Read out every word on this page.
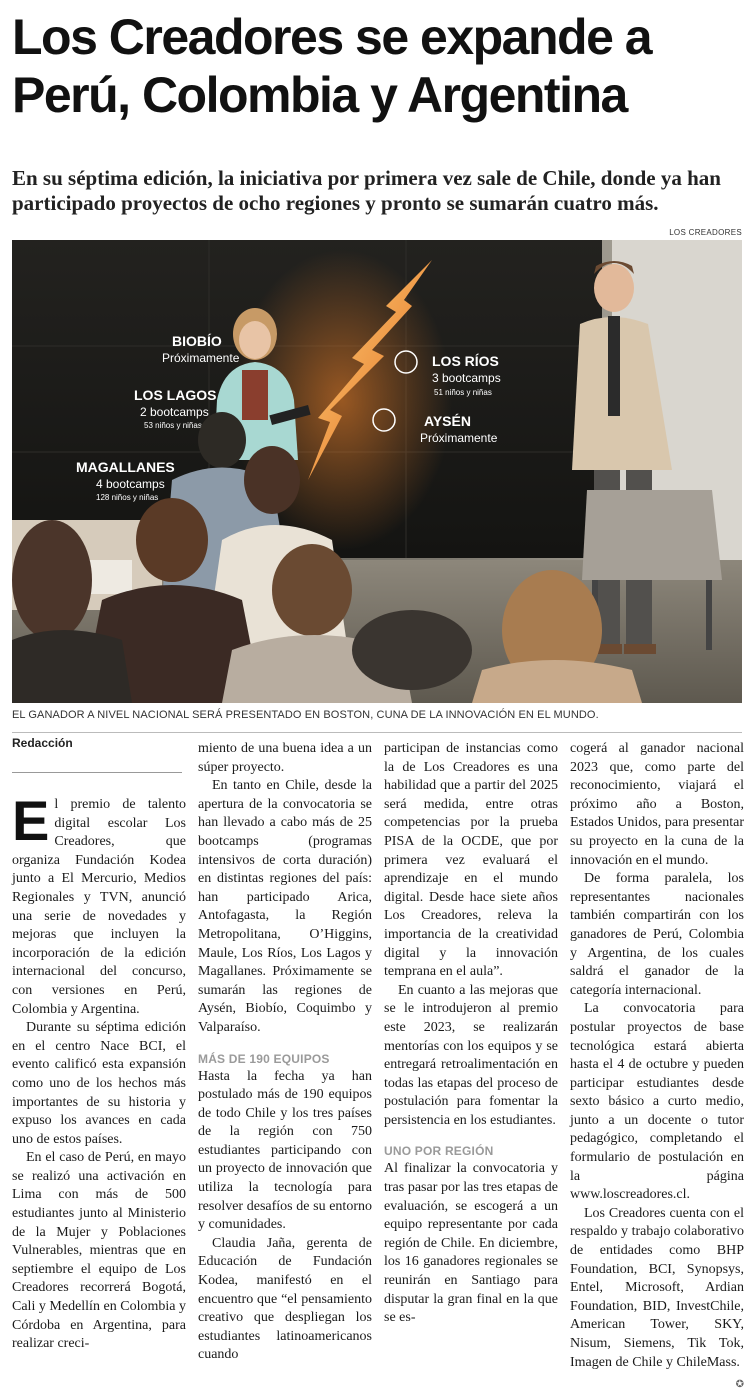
Los Creadores se expande a
Perú, Colombia y Argentina

En su séptima edición, la iniciativa por primera vez sale de Chile, donde ya han participado proyectos de ocho regiones y pronto se sumarán cuatro más.

LOS CREADORES
BIOBÍO
Próximamente	LOS RÍOS
3 bootcamps
51 niños y niñas
LOS LAGOS
2 bootcamps
53 niños y niñas	AYSÉN
Próximamente
MAGALLANES
4 bootcamps
128 niños y niñas
EL GANADOR A NIVEL NACIONAL SERÁ PRESENTADO EN BOSTON, CUNA DE LA INNOVACIÓN EN EL MUNDO.
Redacción

El premio de talento digital escolar Los Creadores, que organiza Fundación Kodea junto a El Mercurio, Medios Regionales y TVN, anunció una serie de novedades y mejoras que incluyen la incorporación de la edición internacional del concurso, con versiones en Perú, Colombia y Argentina.

Durante su séptima edición en el centro Nace BCI, el evento calificó esta expansión como uno de los hechos más importantes de su historia y expuso los avances en cada uno de estos países.

En el caso de Perú, en mayo se realizó una activación en Lima con más de 500 estudiantes junto al Ministerio de la Mujer y Poblaciones Vulnerables, mientras que en septiembre el equipo de Los Creadores recorrerá Bogotá, Cali y Medellín en Colombia y Córdoba en Argentina, para realizar creci-

miento de una buena idea a un súper proyecto.

En tanto en Chile, desde la apertura de la convocatoria se han llevado a cabo más de 25 bootcamps (programas intensivos de corta duración) en distintas regiones del país: han participado Arica, Antofagasta, la Región Metropolitana, O’Higgins, Maule, Los Ríos, Los Lagos y Magallanes. Próximamente se sumarán las regiones de Aysén, Biobío, Coquimbo y Valparaíso.

MÁS DE 190 EQUIPOS

Hasta la fecha ya han postulado más de 190 equipos de todo Chile y los tres países de la región con 750 estudiantes participando con un proyecto de innovación que utiliza la tecnología para resolver desafíos de su entorno y comunidades.

Claudia Jaña, gerenta de Educación de Fundación Kodea, manifestó en el encuentro que “el pensamiento creativo que despliegan los estudiantes latinoamericanos cuando

participan de instancias como la de Los Creadores es una habilidad que a partir del 2025 será medida, entre otras competencias por la prueba PISA de la OCDE, que por primera vez evaluará el aprendizaje en el mundo digital. Desde hace siete años Los Creadores, releva la importancia de la creatividad digital y la innovación temprana en el aula”.

En cuanto a las mejoras que se le introdujeron al premio este 2023, se realizarán mentorías con los equipos y se entregará retroalimentación en todas las etapas del proceso de postulación para fomentar la persistencia en los estudiantes.

UNO POR REGIÓN

Al finalizar la convocatoria y tras pasar por las tres etapas de evaluación, se escogerá a un equipo representante por cada región de Chile. En diciembre, los 16 ganadores regionales se reunirán en Santiago para disputar la gran final en la que se es-

cogerá al ganador nacional 2023 que, como parte del reconocimiento, viajará el próximo año a Boston, Estados Unidos, para presentar su proyecto en la cuna de la innovación en el mundo.

De forma paralela, los representantes nacionales también compartirán con los ganadores de Perú, Colombia y Argentina, de los cuales saldrá el ganador de la categoría internacional.

La convocatoria para postular proyectos de base tecnológica estará abierta hasta el 4 de octubre y pueden participar estudiantes desde sexto básico a curto medio, junto a un docente o tutor pedagógico, completando el formulario de postulación en la página www.loscreadores.cl.

Los Creadores cuenta con el respaldo y trabajo colaborativo de entidades como BHP Foundation, BCI, Synopsys, Entel, Microsoft, Ardian Foundation, BID, InvestChile, American Tower, SKY, Nisum, Siemens, Tik Tok, Imagen de Chile y ChileMass.
✪
